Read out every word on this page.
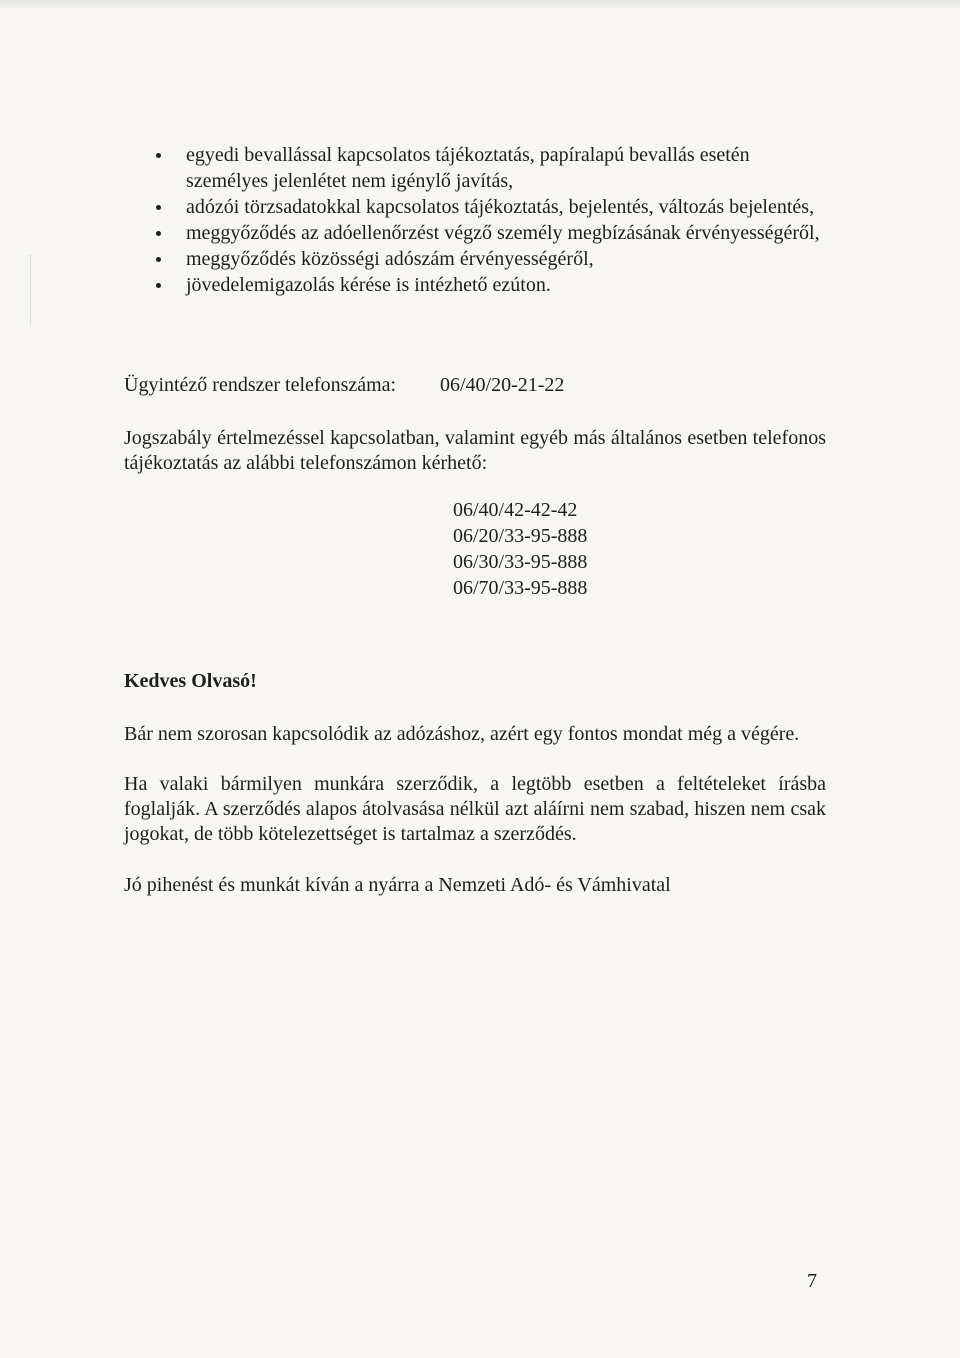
egyedi bevallással kapcsolatos tájékoztatás, papíralapú bevallás esetén személyes jelenlétet nem igénylő javítás,
adózói törzsadatokkal kapcsolatos tájékoztatás, bejelentés, változás bejelentés,
meggyőződés az adóellenőrzést végző személy megbízásának érvényességéről,
meggyőződés közösségi adószám érvényességéről,
jövedelemigazolás kérése is intézhető ezúton.
Ügyintéző rendszer telefonszáma: 06/40/20-21-22
Jogszabály értelmezéssel kapcsolatban, valamint egyéb más általános esetben telefonos tájékoztatás az alábbi telefonszámon kérhető:
06/40/42-42-42
06/20/33-95-888
06/30/33-95-888
06/70/33-95-888
Kedves Olvasó!
Bár nem szorosan kapcsolódik az adózáshoz, azért egy fontos mondat még a végére.
Ha valaki bármilyen munkára szerződik, a legtöbb esetben a feltételeket írásba foglalják. A szerződés alapos átolvasása nélkül azt aláírni nem szabad, hiszen nem csak jogokat, de több kötelezettséget is tartalmaz a szerződés.
Jó pihenést és munkát kíván a nyárra a Nemzeti Adó- és Vámhivatal
7
